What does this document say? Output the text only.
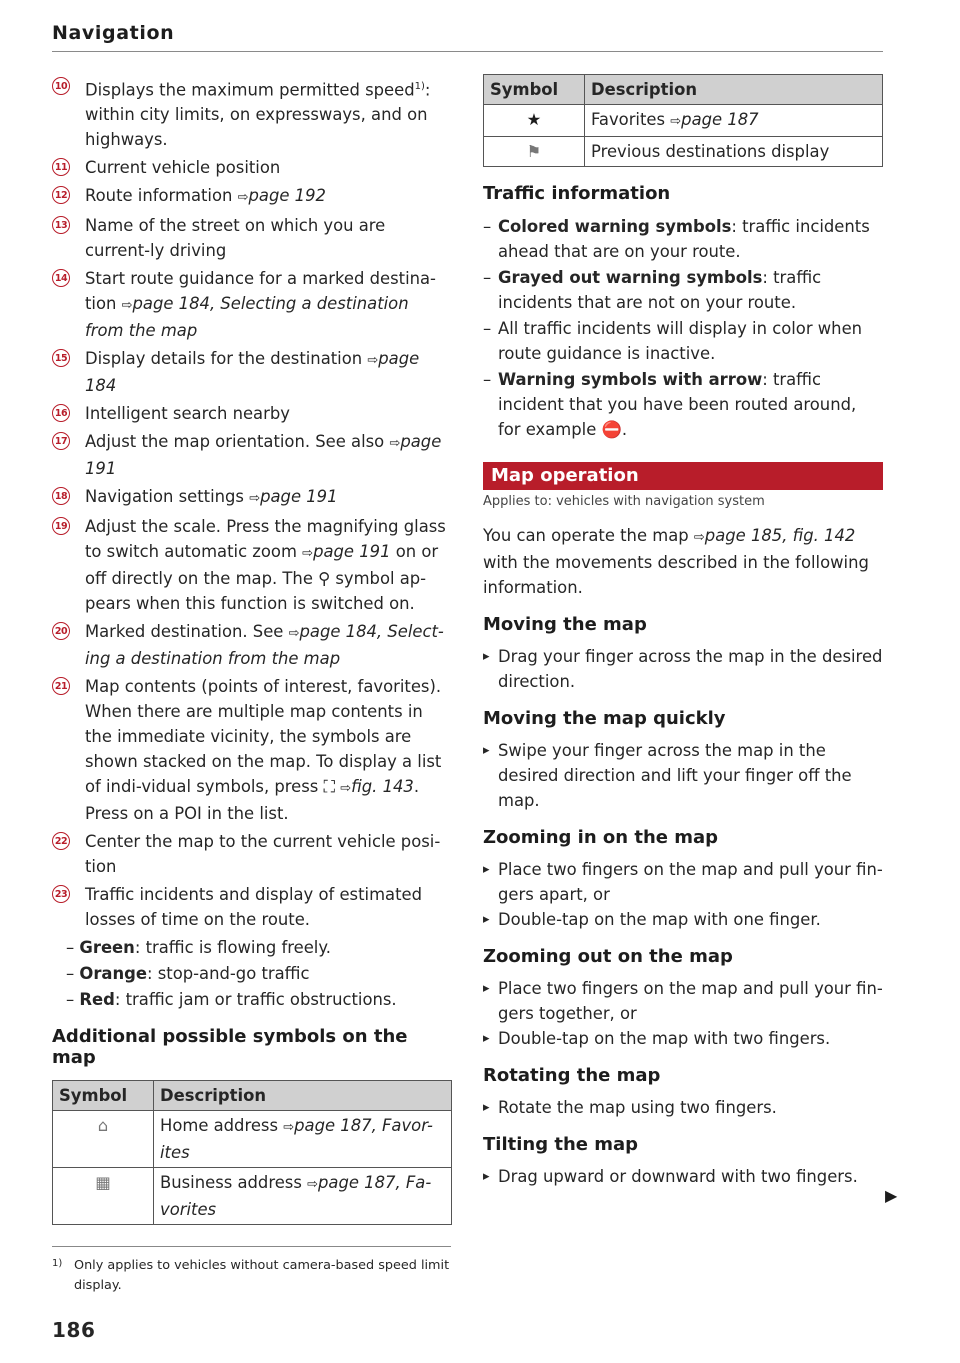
Navigation
10 Displays the maximum permitted speed$^{1)}$: within city limits, on expressways, and on highways.
11 Current vehicle position
12 Route information ⇨page 192
13 Name of the street on which you are current-ly driving
14 Start route guidance for a marked destina-tion ⇨page 184, Selecting a destination from the map
15 Display details for the destination ⇨page 184
16 Intelligent search nearby
17 Adjust the map orientation. See also ⇨page 191
18 Navigation settings ⇨page 191
19 Adjust the scale. Press the magnifying glass to switch automatic zoom ⇨page 191 on or off directly on the map. The ⚲ symbol ap-pears when this function is switched on.
20 Marked destination. See ⇨page 184, Select-ing a destination from the map
21 Map contents (points of interest, favorites). When there are multiple map contents in the immediate vicinity, the symbols are shown stacked on the map. To display a list of indi-vidual symbols, press ⛶ ⇨fig. 143. Press on a POI in the list.
22 Center the map to the current vehicle posi-tion
23 Traffic incidents and display of estimated losses of time on the route.
– Green: traffic is flowing freely.
– Orange: stop-and-go traffic
– Red: traffic jam or traffic obstructions.
Additional possible symbols on the map
Symbol	Description
⌂	Home address ⇨page 187, Favor-ites
▦	Business address ⇨page 187, Fa-vorites
Symbol	Description
★	Favorites ⇨page 187
⚑	Previous destinations display
Traffic information
– Colored warning symbols: traffic incidents ahead that are on your route.
– Grayed out warning symbols: traffic incidents that are not on your route.
– All traffic incidents will display in color when route guidance is inactive.
– Warning symbols with arrow: traffic incident that you have been routed around, for example ⛔.
Map operation
Applies to: vehicles with navigation system
You can operate the map ⇨page 185, fig. 142 with the movements described in the following information.
Moving the map
▸ Drag your finger across the map in the desired direction.
Moving the map quickly
▸ Swipe your finger across the map in the desired direction and lift your finger off the map.
Zooming in on the map
▸ Place two fingers on the map and pull your fin-gers apart, or
▸ Double-tap on the map with one finger.
Zooming out on the map
▸ Place two fingers on the map and pull your fin-gers together, or
▸ Double-tap on the map with two fingers.
Rotating the map
▸ Rotate the map using two fingers.
Tilting the map
▸ Drag upward or downward with two fingers.
1) Only applies to vehicles without camera-based speed limit display.
186
▶
